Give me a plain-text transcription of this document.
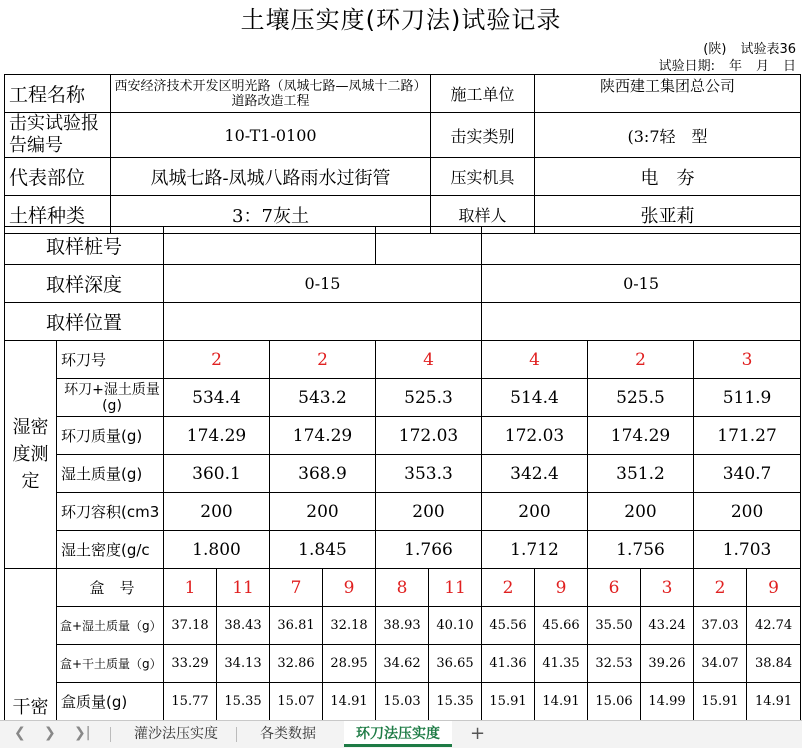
土壤压实度(环刀法)试验记录
(陕) 试验表36
试验日期: 年 月 日
工程名称	西安经济技术开发区明光路（凤城七路—凤城十二路）道路改造工程	施工单位	陕西建工集团总公司
击实试验报告编号	10-T1-0100	击实类别	(3:7轻　型
代表部位	凤城七路-凤城八路雨水过街管	压实机具	电　夯
土样种类	3：7灰土	取样人	张亚莉
取样桩号													
取样深度		0-15						0-15					
取样位置													
湿密度测定	环刀号	2		2		4		4		2		3	
	环刀+湿土质量(g)	534.4		543.2		525.3		514.4		525.5		511.9	
	环刀质量(g)	174.29		174.29		172.03		172.03		174.29		171.27	
	湿土质量(g)	360.1		368.9		353.3		342.4		351.2		340.7	
	环刀容积(cm3	200		200		200		200		200		200	
	湿土密度(g/c	1.800		1.845		1.766		1.712		1.756		1.703	
干密	盒　号	1	11	7	9	8	11	2	9	6	3	2	9
	盒+湿土质量（g）	37.18	38.43	36.81	32.18	38.93	40.10	45.56	45.66	35.50	43.24	37.03	42.74
	盒+干土质量（g）	33.29	34.13	32.86	28.95	34.62	36.65	41.36	41.35	32.53	39.26	34.07	38.84
	盒质量(g)	15.77	15.35	15.07	14.91	15.03	15.35	15.91	14.91	15.06	14.99	15.91	14.91
❮ ❯ ❯|	灌沙法压实度	各类数据	环刀法压实度	+
